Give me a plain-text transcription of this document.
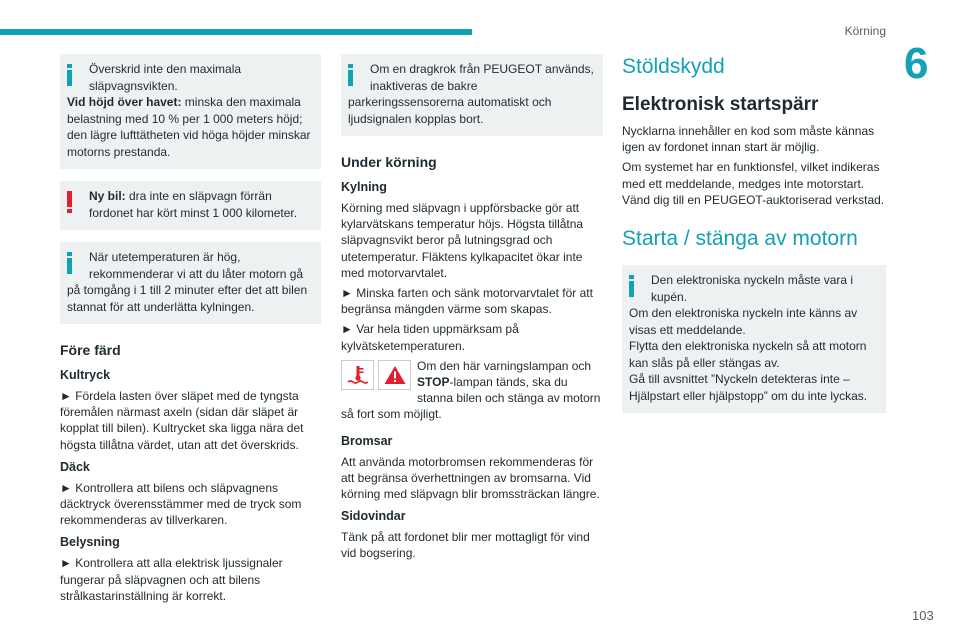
Körning
6
103
Överskrid inte den maximala släpvagnsvikten.
Vid höjd över havet: minska den maximala belastning med 10 % per 1 000 meters höjd; den lägre lufttätheten vid höga höjder minskar motorns prestanda.
Ny bil: dra inte en släpvagn förrän fordonet har kört minst 1 000 kilometer.
När utetemperaturen är hög, rekommenderar vi att du låter motorn gå
på tomgång i 1 till 2 minuter efter det att bilen stannat för att underlätta kylningen.
Före färd
Kultryck

► Fördela lasten över släpet med de tyngsta föremålen närmast axeln (sidan där släpet är kopplat till bilen). Kultrycket ska ligga nära det högsta tillåtna värdet, utan att det överskrids.

Däck

► Kontrollera att bilens och släpvagnens däcktryck överensstämmer med de tryck som rekommenderas av tillverkaren.

Belysning

► Kontrollera att alla elektrisk ljussignaler fungerar på släpvagnen och att bilens strålkastarinställning är korrekt.

Om en dragkrok från PEUGEOT används, inaktiveras de bakre
parkeringssensorerna automatiskt och ljudsignalen kopplas bort.
Under körning
Kylning

Körning med släpvagn i uppförsbacke gör att kylarvätskans temperatur höjs. Högsta tillåtna släpvagnsvikt beror på lutningsgrad och utetemperatur. Fläktens kylkapacitet ökar inte med motorvarvtalet.

► Minska farten och sänk motorvarvtalet för att begränsa mängden värme som skapas.

► Var hela tiden uppmärksam på kylvätsketemperaturen.

Om den här varningslampan och STOP-lampan tänds, ska du stanna bilen och stänga av motorn så fort som möjligt.

Bromsar

Att använda motorbromsen rekommenderas för att begränsa överhettningen av bromsarna. Vid körning med släpvagn blir bromssträckan längre.

Sidovindar

Tänk på att fordonet blir mer mottagligt för vind vid bogsering.

Stöldskydd
Elektronisk startspärr

Nycklarna innehåller en kod som måste kännas igen av fordonet innan start är möjlig.

Om systemet har en funktionsfel, vilket indikeras med ett meddelande, medges inte motorstart. Vänd dig till en PEUGEOT-auktoriserad verkstad.

Starta / stänga av motorn
Den elektroniska nyckeln måste vara i kupén.
Om den elektroniska nyckeln inte känns av visas ett meddelande.
Flytta den elektroniska nyckeln så att motorn kan slås på eller stängas av.
Gå till avsnittet ”Nyckeln detekteras inte – Hjälpstart eller hjälpstopp” om du inte lyckas.
